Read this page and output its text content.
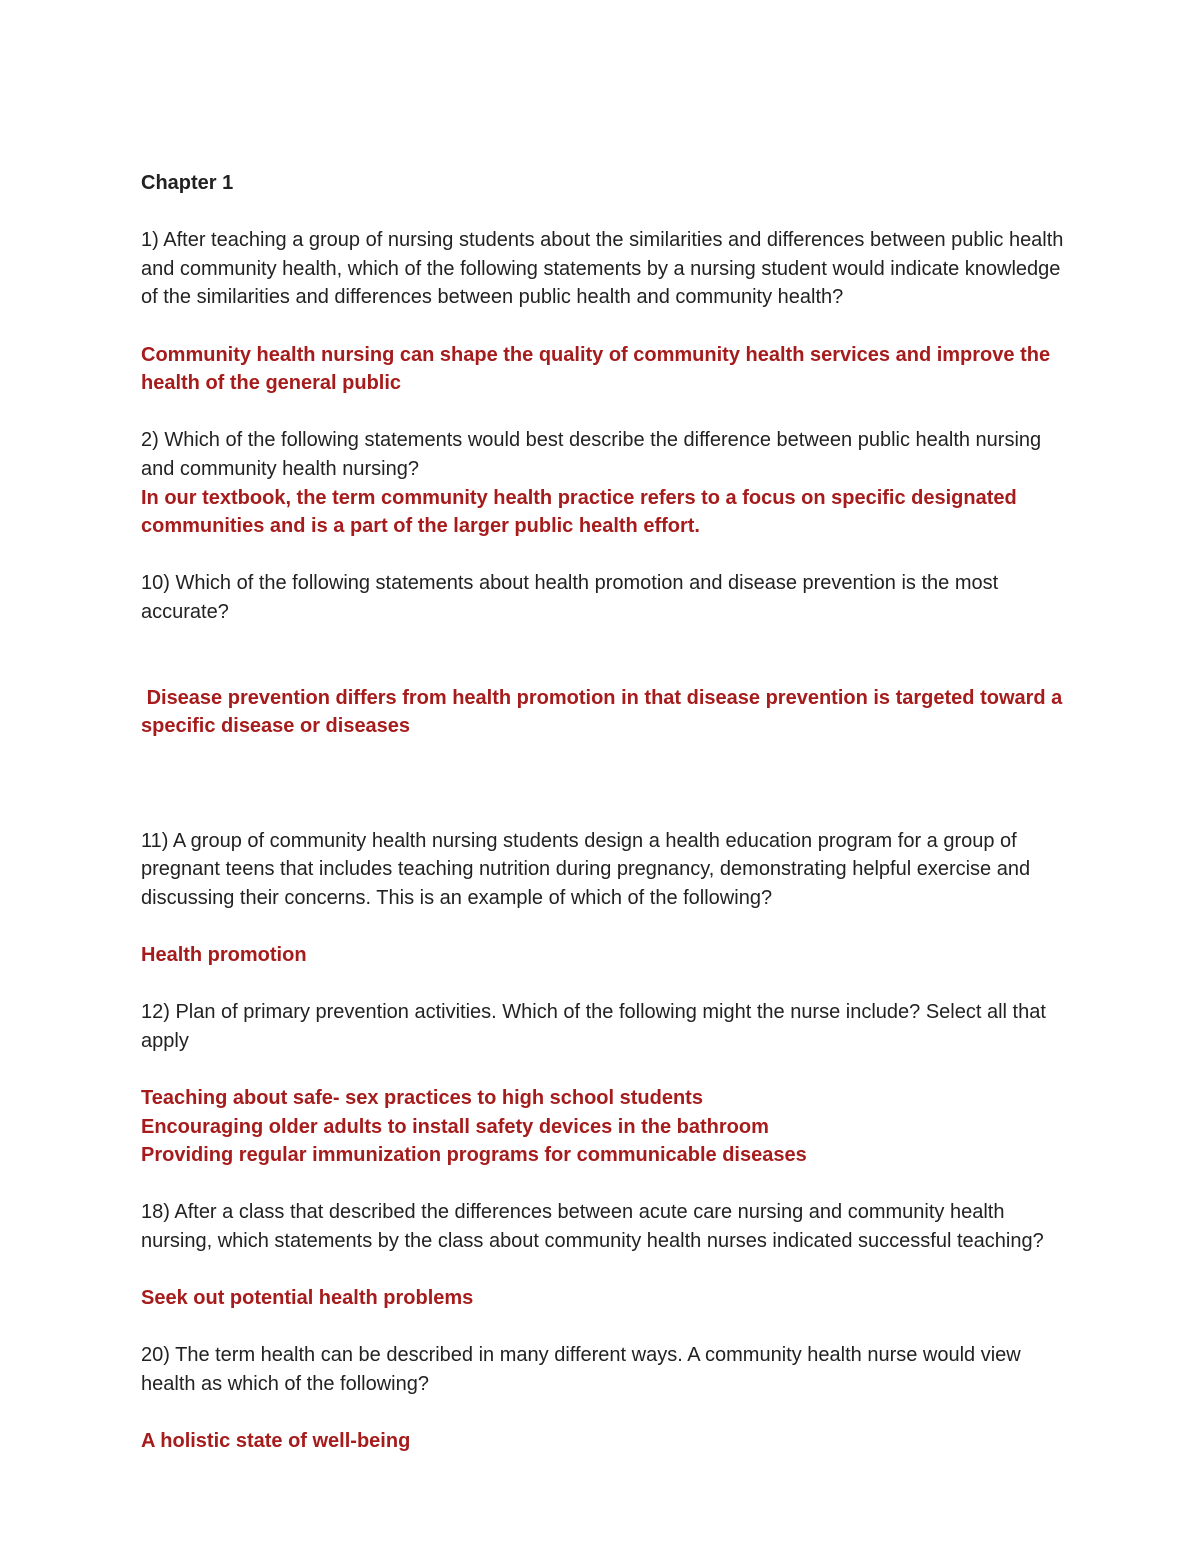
Chapter 1

1) After teaching a group of nursing students about the similarities and differences between public health and community health, which of the following statements by a nursing student would indicate knowledge of the similarities and differences between public health and community health?

Community health nursing can shape the quality of community health services and improve the health of the general public

2) Which of the following statements would best describe the difference between public health nursing and community health nursing?

In our textbook, the term community health practice refers to a focus on specific designated communities and is a part of the larger public health effort.

10) Which of the following statements about health promotion and disease prevention is the most accurate?

Disease prevention differs from health promotion in that disease prevention is targeted toward a specific disease or diseases

11) A group of community health nursing students design a health education program for a group of pregnant teens that includes teaching nutrition during pregnancy, demonstrating helpful exercise and discussing their concerns. This is an example of which of the following?

Health promotion

12) Plan of primary prevention activities. Which of the following might the nurse include? Select all that apply

Teaching about safe- sex practices to high school students
Encouraging older adults to install safety devices in the bathroom
Providing regular immunization programs for communicable diseases

18) After a class that described the differences between acute care nursing and community health nursing, which statements by the class about community health nurses indicated successful teaching?

Seek out potential health problems

20) The term health can be described in many different ways. A community health nurse would view health as which of the following?

A holistic state of well-being
